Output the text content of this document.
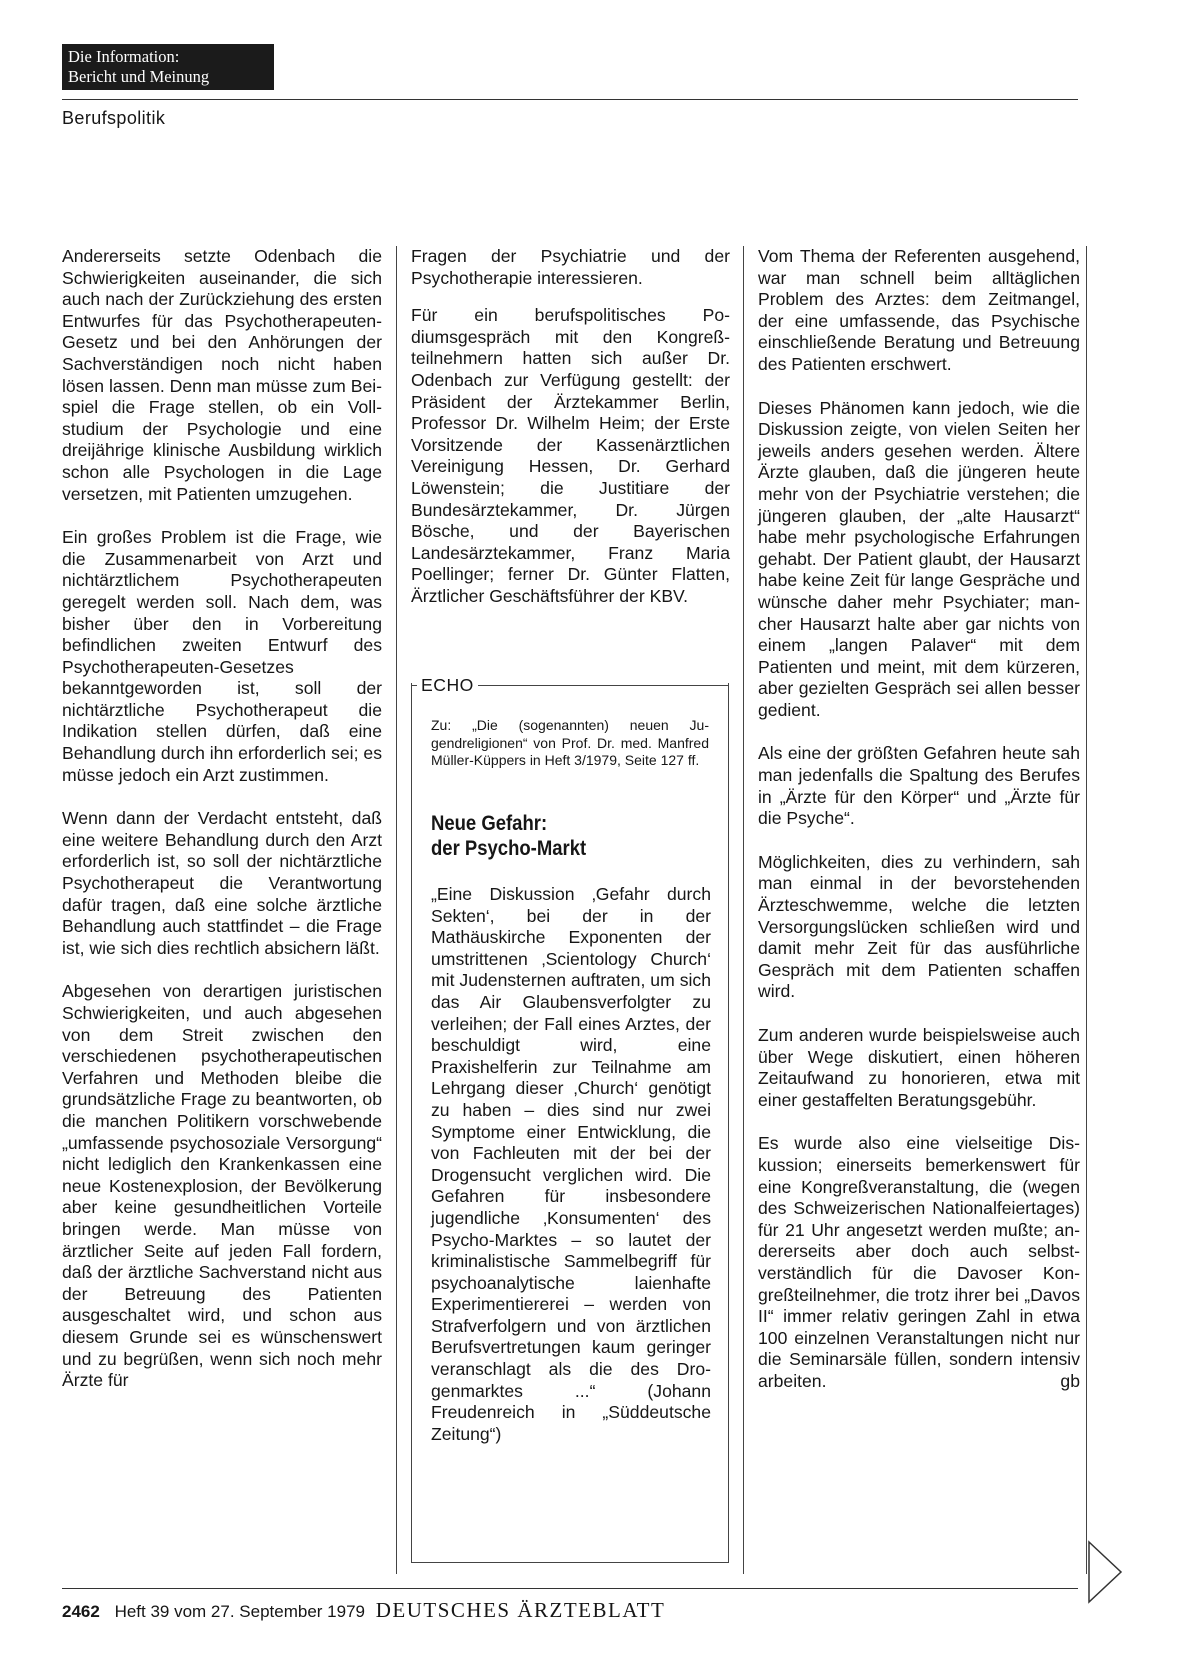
Die Information:
Bericht und Meinung
Berufspolitik

Andererseits setzte Odenbach die Schwierigkeiten auseinander, die sich auch nach der Zurückziehung des ersten Entwurfes für das Psychotherapeuten-Gesetz und bei den Anhörungen der Sachverständigen noch nicht haben lösen lassen. Denn man müsse zum Beispiel die Frage stellen, ob ein Vollstudium der Psychologie und eine dreijährige klinische Ausbildung wirklich schon alle Psychologen in die Lage versetzen, mit Patienten umzugehen.

Ein großes Problem ist die Frage, wie die Zusammenarbeit von Arzt und nichtärztlichem Psychotherapeuten geregelt werden soll. Nach dem, was bisher über den in Vorbereitung befindlichen zweiten Entwurf des Psychotherapeuten-Gesetzes bekanntgeworden ist, soll der nichtärztliche Psychotherapeut die Indikation stellen dürfen, daß eine Behandlung durch ihn erforderlich sei; es müsse jedoch ein Arzt zustimmen.

Wenn dann der Verdacht entsteht, daß eine weitere Behandlung durch den Arzt erforderlich ist, so soll der nichtärztliche Psychotherapeut die Verantwortung dafür tragen, daß eine solche ärztliche Behandlung auch stattfindet – die Frage ist, wie sich dies rechtlich absichern läßt.

Abgesehen von derartigen juristischen Schwierigkeiten, und auch abgesehen von dem Streit zwischen den verschiedenen psychotherapeutischen Verfahren und Methoden bleibe die grundsätzliche Frage zu beantworten, ob die manchen Politikern vorschwebende „umfassende psychosoziale Versorgung“ nicht lediglich den Krankenkassen eine neue Kostenexplosion, der Bevölkerung aber keine gesundheitlichen Vorteile bringen werde. Man müsse von ärztlicher Seite auf jeden Fall fordern, daß der ärztliche Sachverstand nicht aus der Betreuung des Patienten ausgeschaltet wird, und schon aus diesem Grunde sei es wünschenswert und zu begrüßen, wenn sich noch mehr Ärzte für

Fragen der Psychiatrie und der Psychotherapie interessieren.

Für ein berufspolitisches Podiumsgespräch mit den Kongreßteilnehmern hatten sich außer Dr. Odenbach zur Verfügung gestellt: der Präsident der Ärztekammer Berlin, Professor Dr. Wilhelm Heim; der Erste Vorsitzende der Kassenärztlichen Vereinigung Hessen, Dr. Gerhard Löwenstein; die Justitiare der Bundesärztekammer, Dr. Jürgen Bösche, und der Bayerischen Landesärztekammer, Franz Maria Poellinger; ferner Dr. Günter Flatten, Ärztlicher Geschäftsführer der KBV.

ECHO
Zu: „Die (sogenannten) neuen Jugendreligionen“ von Prof. Dr. med. Manfred Müller-Küppers in Heft 3/1979, Seite 127 ff.
Neue Gefahr:
der Psycho-Markt
„Eine Diskussion ‚Gefahr durch Sekten‘, bei der in der Mathäuskirche Exponenten der umstrittenen ‚Scientology Church‘ mit Judensternen auftraten, um sich das Air Glaubensverfolgter zu verleihen; der Fall eines Arztes, der beschuldigt wird, eine Praxishelferin zur Teilnahme am Lehrgang dieser ‚Church‘ genötigt zu haben – dies sind nur zwei Symptome einer Entwicklung, die von Fachleuten mit der bei der Drogensucht verglichen wird. Die Gefahren für insbesondere jugendliche ‚Konsumenten‘ des Psycho-Marktes – so lautet der kriminalistische Sammelbegriff für psychoanalytische laienhafte Experimentiererei – werden von Strafverfolgern und von ärztlichen Berufsvertretungen kaum geringer veranschlagt als die des Drogenmarktes ...“ (Johann Freudenreich in „Süddeutsche Zeitung“)

Vom Thema der Referenten ausgehend, war man schnell beim alltäglichen Problem des Arztes: dem Zeitmangel, der eine umfassende, das Psychische einschließende Beratung und Betreuung des Patienten erschwert.

Dieses Phänomen kann jedoch, wie die Diskussion zeigte, von vielen Seiten her jeweils anders gesehen werden. Ältere Ärzte glauben, daß die jüngeren heute mehr von der Psychiatrie verstehen; die jüngeren glauben, der „alte Hausarzt“ habe mehr psychologische Erfahrungen gehabt. Der Patient glaubt, der Hausarzt habe keine Zeit für lange Gespräche und wünsche daher mehr Psychiater; mancher Hausarzt halte aber gar nichts von einem „langen Palaver“ mit dem Patienten und meint, mit dem kürzeren, aber gezielten Gespräch sei allen besser gedient.

Als eine der größten Gefahren heute sah man jedenfalls die Spaltung des Berufes in „Ärzte für den Körper“ und „Ärzte für die Psyche“.

Möglichkeiten, dies zu verhindern, sah man einmal in der bevorstehenden Ärzteschwemme, welche die letzten Versorgungslücken schließen wird und damit mehr Zeit für das ausführliche Gespräch mit dem Patienten schaffen wird.

Zum anderen wurde beispielsweise auch über Wege diskutiert, einen höheren Zeitaufwand zu honorieren, etwa mit einer gestaffelten Beratungsgebühr.

Es wurde also eine vielseitige Diskussion; einerseits bemerkenswert für eine Kongreßveranstaltung, die (wegen des Schweizerischen Nationalfeiertages) für 21 Uhr angesetzt werden mußte; andererseits aber doch auch selbstverständlich für die Davoser Kongreßteilnehmer, die trotz ihrer bei „Davos II“ immer relativ geringen Zahl in etwa 100 einzelnen Veranstaltungen nicht nur die Seminarsäle füllen, sondern intensiv arbeiten.	gb

2462 Heft 39 vom 27. September 1979 DEUTSCHES ÄRZTEBLATT
